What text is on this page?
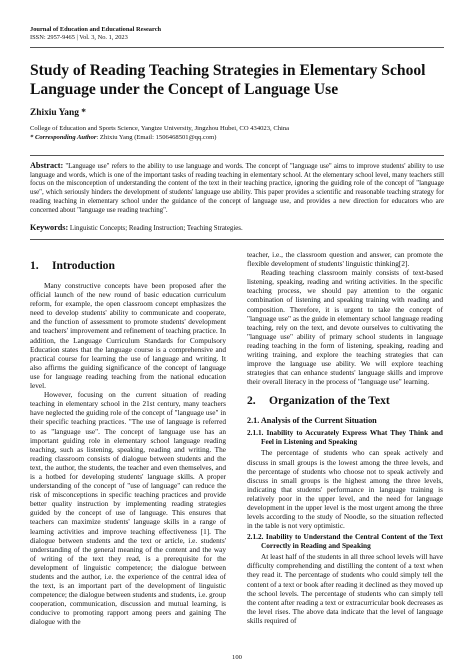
Journal of Education and Educational Research
ISSN: 2957-9465 | Vol. 3, No. 1, 2023
Study of Reading Teaching Strategies in Elementary School Language under the Concept of Language Use
Zhixiu Yang *
College of Education and Sports Science, Yangtze University, Jingzhou Hubei, CO 434023, China
* Corresponding Author: Zhixiu Yang (Email: 1506468501@qq.com)
Abstract: "Language use" refers to the ability to use language and words. The concept of "language use" aims to improve students' ability to use language and words, which is one of the important tasks of reading teaching in elementary school. At the elementary school level, many teachers still focus on the misconception of understanding the content of the text in their teaching practice, ignoring the guiding role of the concept of "language use", which seriously hinders the development of students' language use ability. This paper provides a scientific and reasonable teaching strategy for reading teaching in elementary school under the guidance of the concept of language use, and provides a new direction for educators who are concerned about "language use reading teaching".
Keywords: Linguistic Concepts; Reading Instruction; Teaching Strategies.
1. Introduction

Many constructive concepts have been proposed after the official launch of the new round of basic education curriculum reform, for example, the open classroom concept emphasizes the need to develop students' ability to communicate and cooperate, and the function of assessment to promote students' development and teachers' improvement and refinement of teaching practice. In addition, the Language Curriculum Standards for Compulsory Education states that the language course is a comprehensive and practical course for learning the use of language and writing. It also affirms the guiding significance of the concept of language use for language reading teaching from the national education level.

However, focusing on the current situation of reading teaching in elementary school in the 21st century, many teachers have neglected the guiding role of the concept of "language use" in their specific teaching practices. "The use of language is referred to as "language use". The concept of language use has an important guiding role in elementary school language reading teaching, such as listening, speaking, reading and writing. The reading classroom consists of dialogue between students and the text, the author, the students, the teacher and even themselves, and is a hotbed for developing students' language skills. A proper understanding of the concept of "use of language" can reduce the risk of misconceptions in specific teaching practices and provide better quality instruction by implementing reading strategies guided by the concept of use of language. This ensures that teachers can maximize students' language skills in a range of learning activities and improve teaching effectiveness [1]. The dialogue between students and the text or article, i.e. students' understanding of the general meaning of the content and the way of writing of the text they read, is a prerequisite for the development of linguistic competence; the dialogue between students and the author, i.e. the experience of the central idea of the text, is an important part of the development of linguistic competence; the dialogue between students and students, i.e. group cooperation, communication, discussion and mutual learning, is conducive to promoting rapport among peers and gaining The dialogue with the

teacher, i.e., the classroom question and answer, can promote the flexible development of students' linguistic thinking[2].

Reading teaching classroom mainly consists of text-based listening, speaking, reading and writing activities. In the specific teaching process, we should pay attention to the organic combination of listening and speaking training with reading and composition. Therefore, it is urgent to take the concept of "language use" as the guide in elementary school language reading teaching, rely on the text, and devote ourselves to cultivating the "language use" ability of primary school students in language reading teaching in the form of listening, speaking, reading and writing training, and explore the teaching strategies that can improve the language use ability. We will explore teaching strategies that can enhance students' language skills and improve their overall literacy in the process of "language use" learning.

2. Organization of the Text
2.1. Analysis of the Current Situation
2.1.1. Inability to Accurately Express What They Think and Feel in Listening and Speaking

The percentage of students who can speak actively and discuss in small groups is the lowest among the three levels, and the percentage of students who choose not to speak actively and discuss in small groups is the highest among the three levels, indicating that students' performance in language training is relatively poor in the upper level, and the need for language development in the upper level is the most urgent among the three levels according to the study of Noodle, so the situation reflected in the table is not very optimistic.

2.1.2. Inability to Understand the Central Content of the Text Correctly in Reading and Speaking

At least half of the students in all three school levels will have difficulty comprehending and distilling the content of a text when they read it. The percentage of students who could simply tell the content of a text or book after reading it declined as they moved up the school levels. The percentage of students who can simply tell the content after reading a text or extracurricular book decreases as the level rises. The above data indicate that the level of language skills required of

100
